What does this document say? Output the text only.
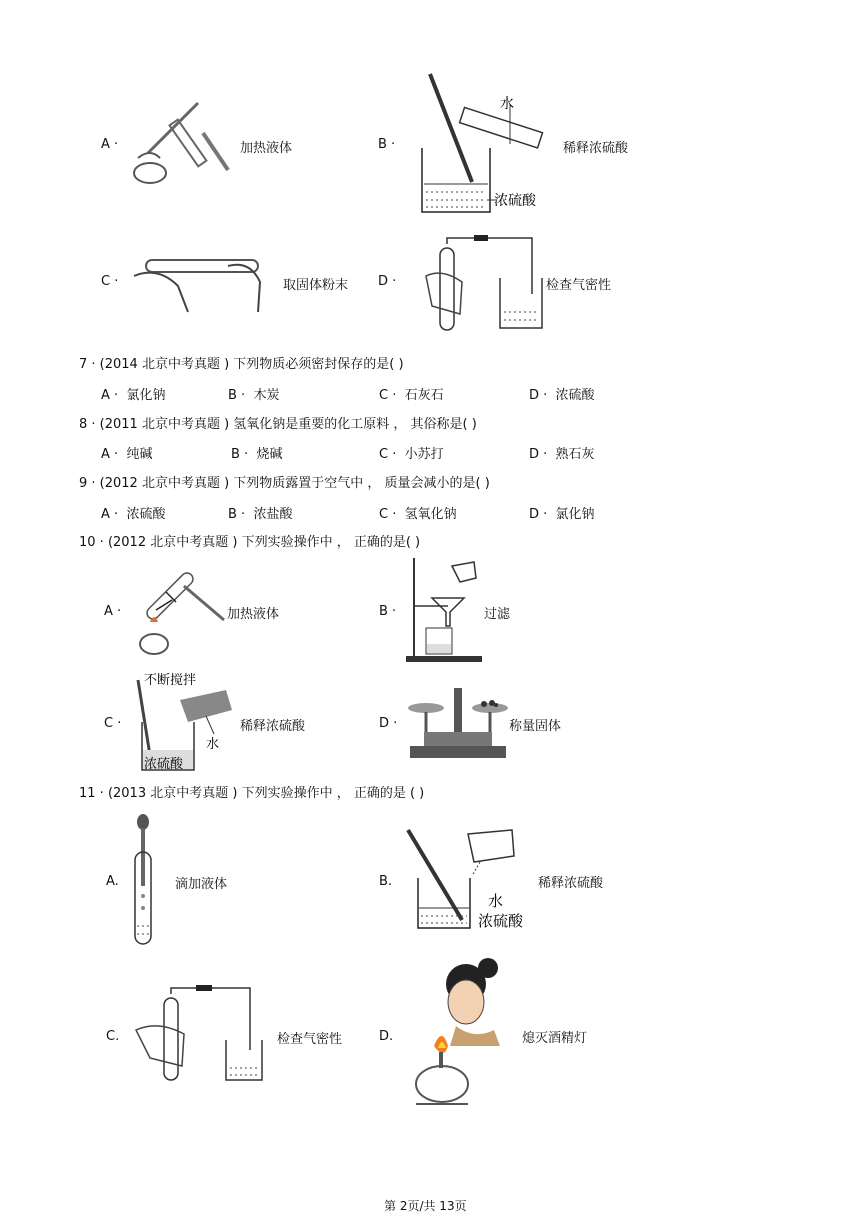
A ·	加热液体	B ·
水
浓硫酸
稀释浓硫酸
C ·	取固体粉末 D ·	检查气密性
7 · (2014 北京中考真题 ) 下列物质必须密封保存的是( )
A · 氯化钠	B · 木炭	C · 石灰石	D · 浓硫酸
8 · (2011 北京中考真题 ) 氢氧化钠是重要的化工原料 ， 其俗称是( )
A · 纯碱	B · 烧碱	C · 小苏打	D · 熟石灰
9 · (2012 北京中考真题 ) 下列物质露置于空气中 ， 质量会减小的是( )
A · 浓硫酸	B · 浓盐酸	C · 氢氧化钠	D · 氯化钠
10 · (2012 北京中考真题 ) 下列实验操作中 ， 正确的是( )
A ·	加热液体	B ·	过滤
C ·
不断搅拌
水
浓硫酸
稀释浓硫酸	D ·	称量固体
11 · (2013 北京中考真题 ) 下列实验操作中 ， 正确的是 ( )
A.	滴加液体	B.
水
浓硫酸
稀释浓硫酸
C.	检查气密性	D.	熄灭酒精灯
第 2页/共 13页
